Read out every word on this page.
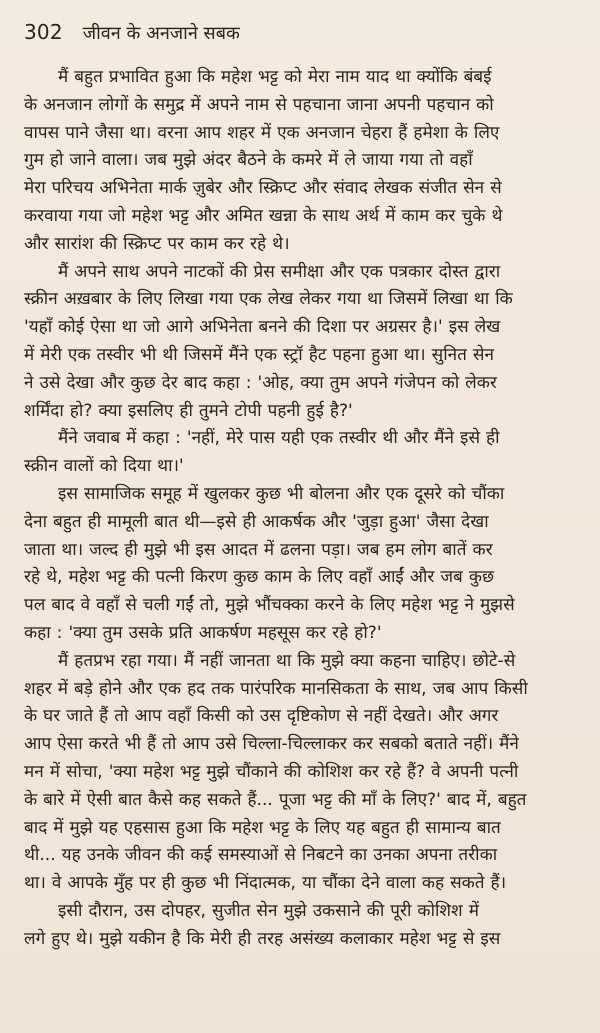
302 जीवन के अनजाने सबक

मैं बहुत प्रभावित हुआ कि महेश भट्ट को मेरा नाम याद था क्योंकि बंबई
के अनजान लोगों के समुद्र में अपने नाम से पहचाना जाना अपनी पहचान को
वापस पाने जैसा था। वरना आप शहर में एक अनजान चेहरा हैं हमेशा के लिए
गुम हो जाने वाला। जब मुझे अंदर बैठने के कमरे में ले जाया गया तो वहाँ
मेरा परिचय अभिनेता मार्क ज़ुबेर और स्क्रिप्ट और संवाद लेखक संजीत सेन से
करवाया गया जो महेश भट्ट और अमित खन्ना के साथ अर्थ में काम कर चुके थे
और सारांश की स्क्रिप्ट पर काम कर रहे थे।

मैं अपने साथ अपने नाटकों की प्रेस समीक्षा और एक पत्रकार दोस्त द्वारा
स्क्रीन अख़बार के लिए लिखा गया एक लेख लेकर गया था जिसमें लिखा था कि
'यहाँ कोई ऐसा था जो आगे अभिनेता बनने की दिशा पर अग्रसर है।' इस लेख
में मेरी एक तस्वीर भी थी जिसमें मैंने एक स्ट्रॉ हैट पहना हुआ था। सुनित सेन
ने उसे देखा और कुछ देर बाद कहा : 'ओह, क्या तुम अपने गंजेपन को लेकर
शर्मिंदा हो? क्या इसलिए ही तुमने टोपी पहनी हुई है?'

मैंने जवाब में कहा : 'नहीं, मेरे पास यही एक तस्वीर थी और मैंने इसे ही
स्क्रीन वालों को दिया था।'

इस सामाजिक समूह में खुलकर कुछ भी बोलना और एक दूसरे को चौंका
देना बहुत ही मामूली बात थी—इसे ही आकर्षक और 'जुड़ा हुआ' जैसा देखा
जाता था। जल्द ही मुझे भी इस आदत में ढलना पड़ा। जब हम लोग बातें कर
रहे थे, महेश भट्ट की पत्नी किरण कुछ काम के लिए वहाँ आईं और जब कुछ
पल बाद वे वहाँ से चली गईं तो, मुझे भौंचक्का करने के लिए महेश भट्ट ने मुझसे
कहा : 'क्या तुम उसके प्रति आकर्षण महसूस कर रहे हो?'

मैं हतप्रभ रहा गया। मैं नहीं जानता था कि मुझे क्या कहना चाहिए। छोटे-से
शहर में बड़े होने और एक हद तक पारंपरिक मानसिकता के साथ, जब आप किसी
के घर जाते हैं तो आप वहाँ किसी को उस दृष्टिकोण से नहीं देखते। और अगर
आप ऐसा करते भी हैं तो आप उसे चिल्ला-चिल्लाकर कर सबको बताते नहीं। मैंने
मन में सोचा, 'क्या महेश भट्ट मुझे चौंकाने की कोशिश कर रहे हैं? वे अपनी पत्नी
के बारे में ऐसी बात कैसे कह सकते हैं... पूजा भट्ट की माँ के लिए?' बाद में, बहुत
बाद में मुझे यह एहसास हुआ कि महेश भट्ट के लिए यह बहुत ही सामान्य बात
थी... यह उनके जीवन की कई समस्याओं से निबटने का उनका अपना तरीका
था। वे आपके मुँह पर ही कुछ भी निंदात्मक, या चौंका देने वाला कह सकते हैं।

इसी दौरान, उस दोपहर, सुजीत सेन मुझे उकसाने की पूरी कोशिश में
लगे हुए थे। मुझे यकीन है कि मेरी ही तरह असंख्य कलाकार महेश भट्ट से इस
